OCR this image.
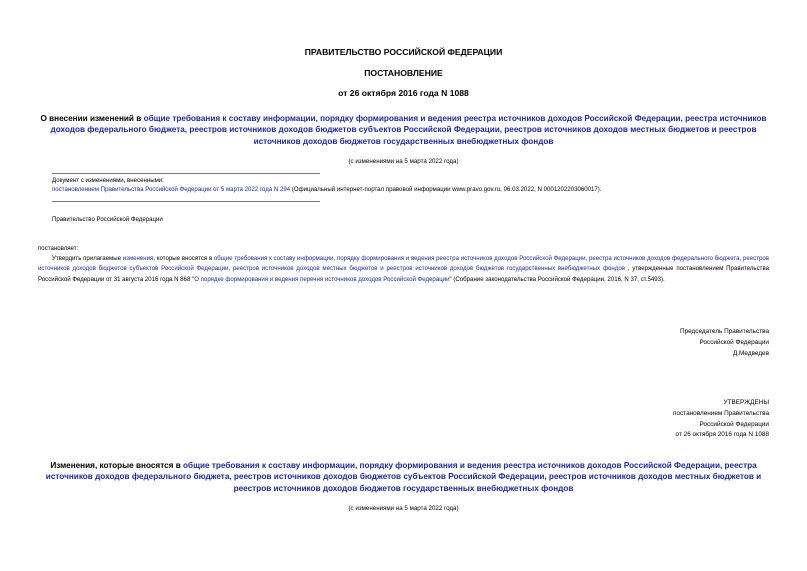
ПРАВИТЕЛЬСТВО РОССИЙСКОЙ ФЕДЕРАЦИИ
ПОСТАНОВЛЕНИЕ
от 26 октября 2016 года N 1088
О внесении изменений в общие требования к составу информации, порядку формирования и ведения реестра источников доходов Российской Федерации, реестра источников доходов федерального бюджета, реестров источников доходов бюджетов субъектов Российской Федерации, реестров источников доходов местных бюджетов и реестров источников доходов бюджетов государственных внебюджетных фондов
(с изменениями на 5 марта 2022 года)
Документ с изменениями, внесенными:
постановлением Правительства Российской Федерации от 5 марта 2022 года N 294 (Официальный интернет-портал правовой информации www.pravo.gov.ru, 06.03.2022, N 0001202203060017).
Правительство Российской Федерации
постановляет:
Утвердить прилагаемые изменения, которые вносятся в общие требования к составу информации, порядку формирования и ведения реестра источников доходов Российской Федерации, реестра источников доходов федерального бюджета, реестров источников доходов бюджетов субъектов Российской Федерации, реестров источников доходов местных бюджетов и реестров источников доходов бюджетов государственных внебюджетных фондов , утвержденные постановлением Правительства Российской Федерации от 31 августа 2016 года N 868 "О порядке формирования и ведения перечня источников доходов Российской Федерации" (Собрание законодательства Российской Федерации, 2016, N 37, ст.5493).
Председатель Правительства
Российской Федерации
Д.Медведев
УТВЕРЖДЕНЫ
постановлением Правительства
Российской Федерации
от 26 октября 2016 года N 1088
Изменения, которые вносятся в общие требования к составу информации, порядку формирования и ведения реестра источников доходов Российской Федерации, реестра источников доходов федерального бюджета, реестров источников доходов бюджетов субъектов Российской Федерации, реестров источников доходов местных бюджетов и реестров источников доходов бюджетов государственных внебюджетных фондов
(с изменениями на 5 марта 2022 года)
